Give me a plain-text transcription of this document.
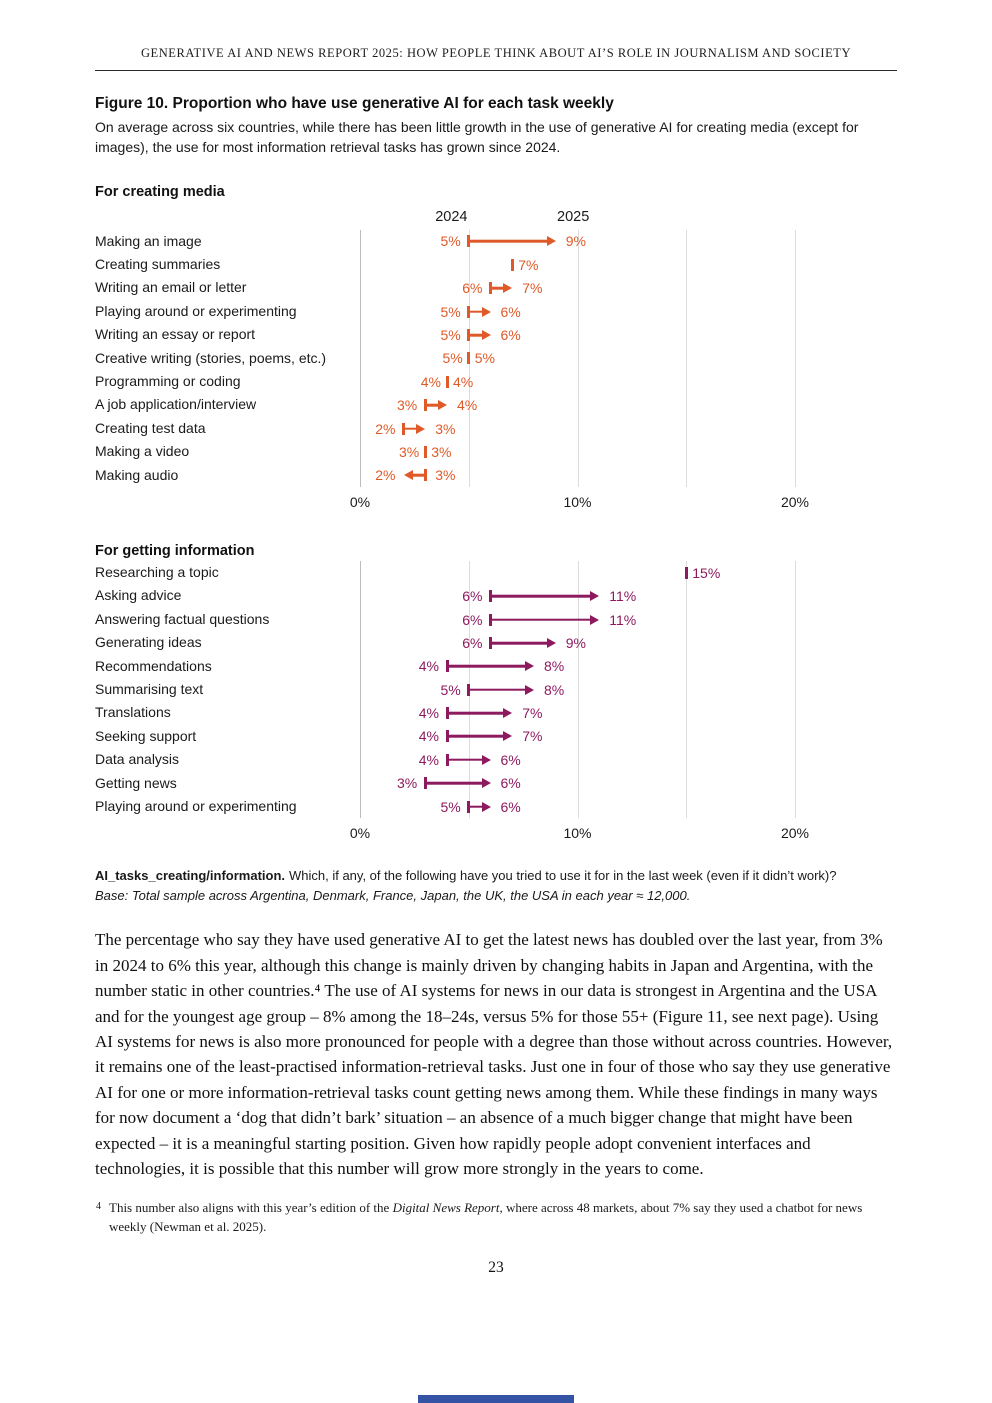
GENERATIVE AI AND NEWS REPORT 2025: HOW PEOPLE THINK ABOUT AI’S ROLE IN JOURNALISM AND SOCIETY
Figure 10. Proportion who have use generative AI for each task weekly
On average across six countries, while there has been little growth in the use of generative AI for creating media (except for images), the use for most information retrieval tasks has grown since 2024.
For creating media
2024	2025
Making an image	5%	9%
Creating summaries	7%
Writing an email or letter	6%	7%
Playing around or experimenting	5%	6%
Writing an essay or report	5%	6%
Creative writing (stories, poems, etc.)	5% 5%
Programming or coding	4% 4%
A job application/interview	3%	4%
Creating test data	2%	3%
Making a video	3% 3%
Making audio	2%	3%
0%	10%	20%
For getting information
Researching a topic	15%
Asking advice	6%	11%
Answering factual questions	6%	11%
Generating ideas	6%	9%
Recommendations	4%	8%
Summarising text	5%	8%
Translations	4%	7%
Seeking support	4%	7%
Data analysis	4%	6%
Getting news	3%	6%
Playing around or experimenting	5%	6%
0%	10%	20%
AI_tasks_creating/information. Which, if any, of the following have you tried to use it for in the last week (even if it didn’t work)?
Base: Total sample across Argentina, Denmark, France, Japan, the UK, the USA in each year ≈ 12,000.

The percentage who say they have used generative AI to get the latest news has doubled over the last year, from 3% in 2024 to 6% this year, although this change is mainly driven by changing habits in Japan and Argentina, with the number static in other countries.⁴ The use of AI systems for news in our data is strongest in Argentina and the USA and for the youngest age group – 8% among the 18–24s, versus 5% for those 55+ (Figure 11, see next page). Using AI systems for news is also more pronounced for people with a degree than those without across countries. However, it remains one of the least-practised information-retrieval tasks. Just one in four of those who say they use generative AI for one or more information-retrieval tasks count getting news among them. While these findings in many ways for now document a ‘dog that didn’t bark’ situation – an absence of a much bigger change that might have been expected – it is a meaningful starting position. Given how rapidly people adopt convenient interfaces and technologies, it is possible that this number will grow more strongly in the years to come.

4 This number also aligns with this year’s edition of the Digital News Report, where across 48 markets, about 7% say they used a chatbot for news weekly (Newman et al. 2025).
23
